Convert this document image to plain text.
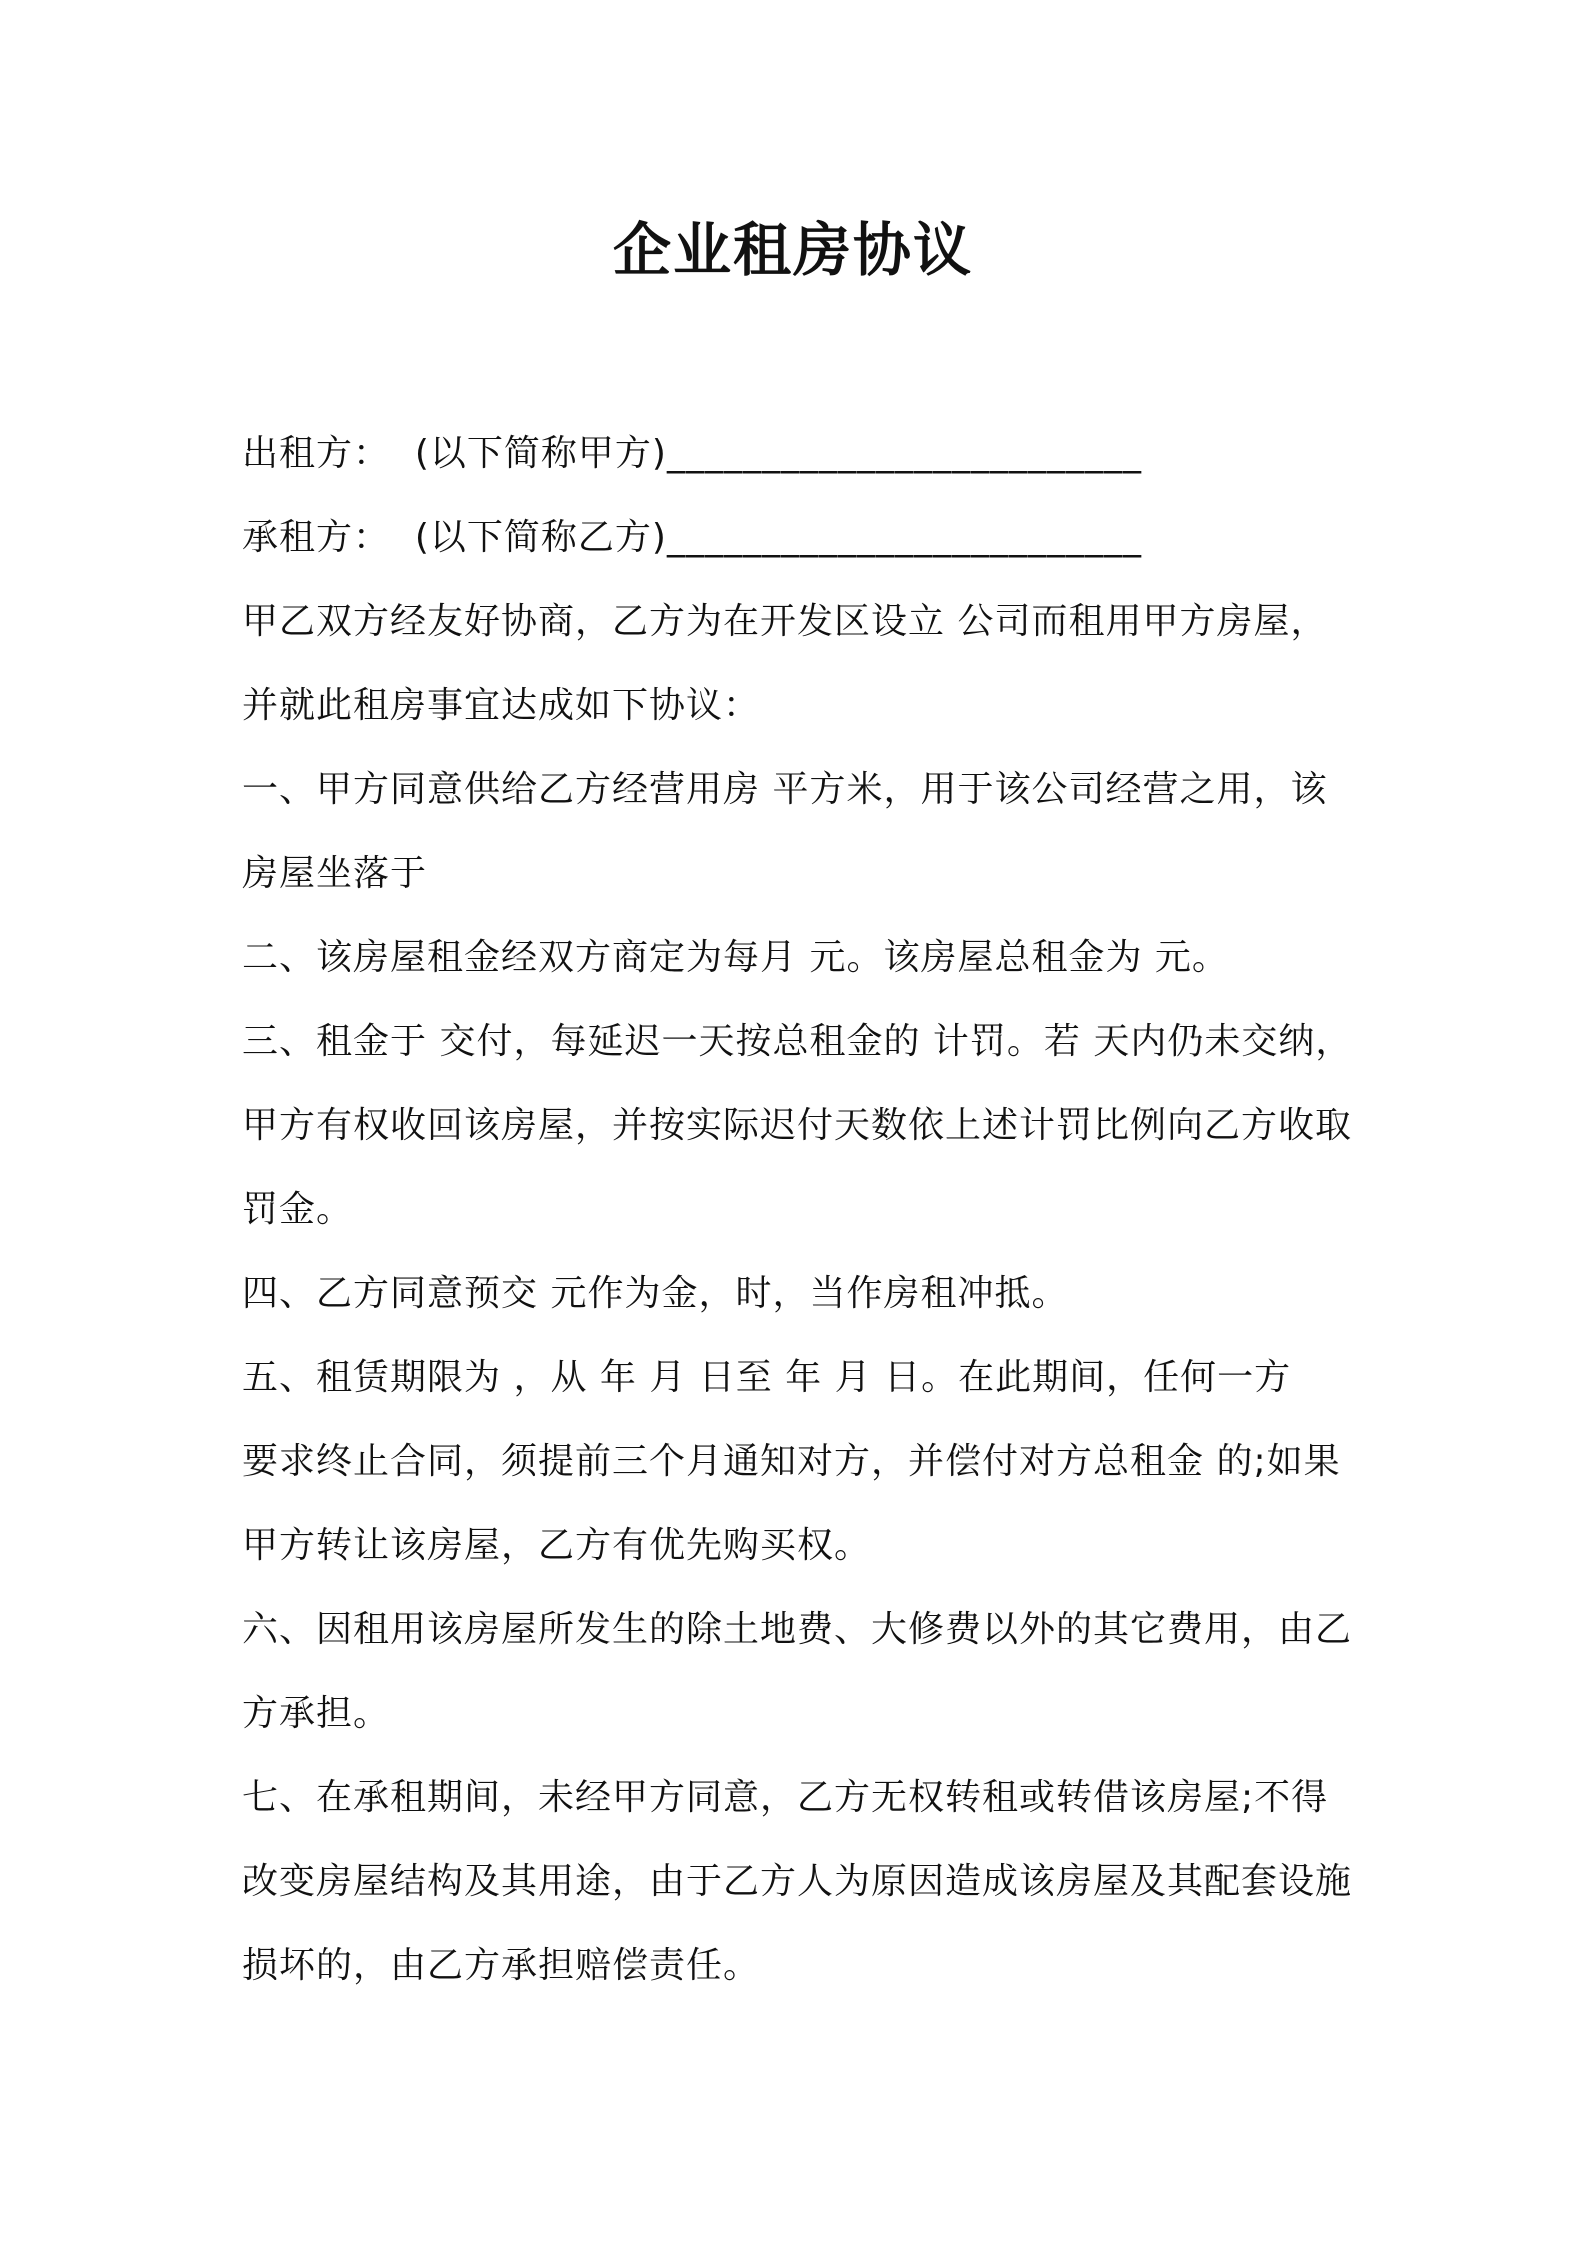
企业租房协议
出租方：  (以下简称甲方)_________________________
承租方：  (以下简称乙方)_________________________
甲乙双方经友好协商，乙方为在开发区设立 公司而租用甲方房屋，
并就此租房事宜达成如下协议：
一、甲方同意供给乙方经营用房 平方米，用于该公司经营之用，该
房屋坐落于
二、该房屋租金经双方商定为每月 元。该房屋总租金为 元。
三、租金于 交付，每延迟一天按总租金的 计罚。若 天内仍未交纳，
甲方有权收回该房屋，并按实际迟付天数依上述计罚比例向乙方收取
罚金。
四、乙方同意预交 元作为金，时，当作房租冲抵。
五、租赁期限为 ，从 年 月 日至 年 月 日。在此期间，任何一方
要求终止合同，须提前三个月通知对方，并偿付对方总租金 的;如果
甲方转让该房屋，乙方有优先购买权。
六、因租用该房屋所发生的除土地费、大修费以外的其它费用，由乙
方承担。
七、在承租期间，未经甲方同意，乙方无权转租或转借该房屋;不得
改变房屋结构及其用途，由于乙方人为原因造成该房屋及其配套设施
损坏的，由乙方承担赔偿责任。
